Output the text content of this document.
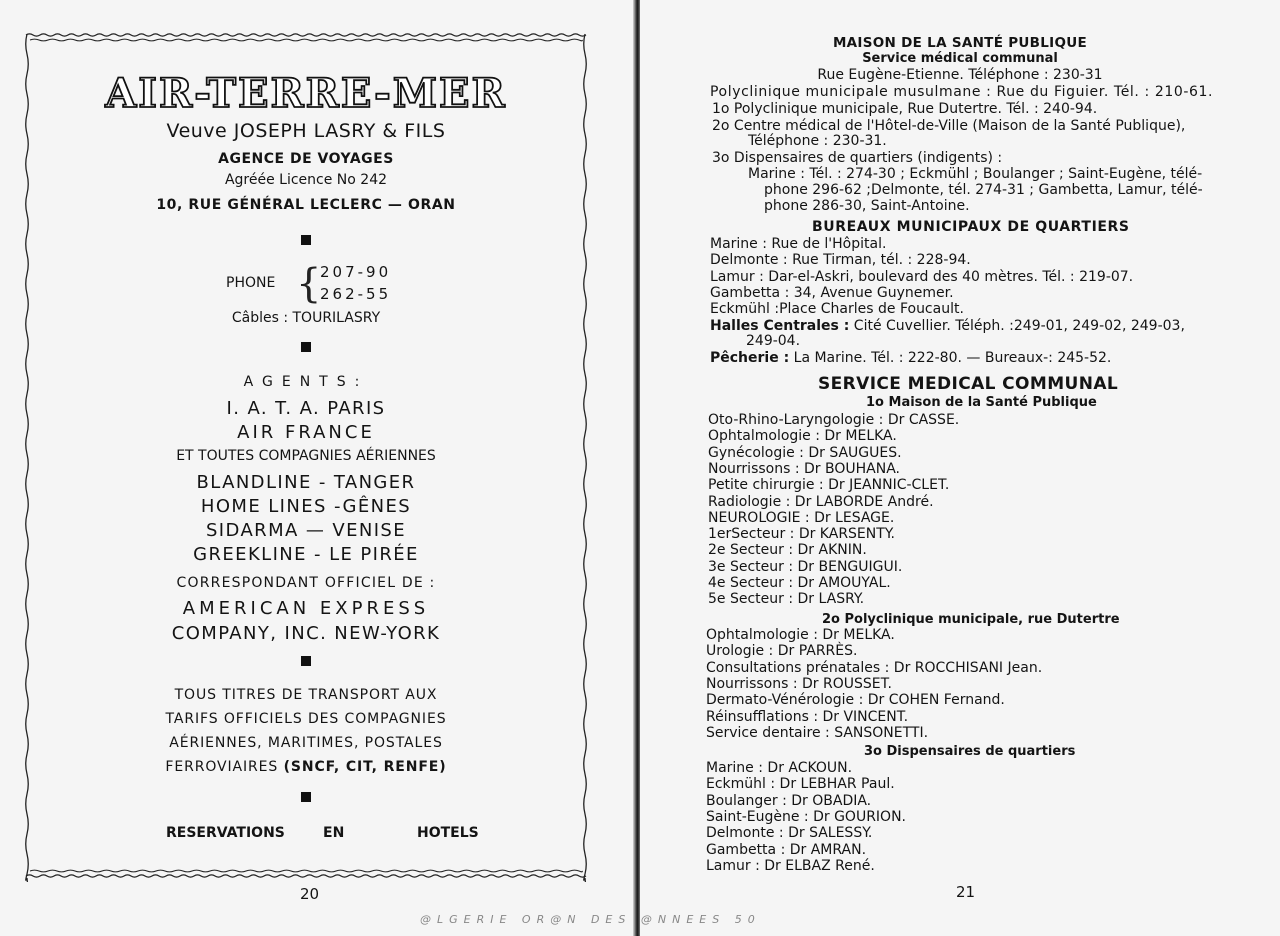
AIR-TERRE-MER
Veuve JOSEPH LASRY & FILS
AGENCE DE VOYAGES
Agréée Licence No 242
10, RUE GÉNÉRAL LECLERC — ORAN
PHONE {
207-90
262-55
Câbles : TOURILASRY
AGENTS:
I. A. T. A. PARIS
AIR FRANCE
ET TOUTES COMPAGNIES AÉRIENNES
BLANDLINE - TANGER
HOME LINES -GÊNES
SIDARMA — VENISE
GREEKLINE - LE PIRÉE
CORRESPONDANT OFFICIEL DE :
AMERICAN EXPRESS
COMPANY, INC. NEW-YORK
TOUS TITRES DE TRANSPORT AUX
TARIFS OFFICIELS DES COMPAGNIES
AÉRIENNES, MARITIMES, POSTALES
FERROVIAIRES (SNCF, CIT, RENFE)
RESERVATIONS	EN	HOTELS
20
MAISON DE LA SANTÉ PUBLIQUE
Service médical communal
Rue Eugène-Etienne. Téléphone : 230-31
Polyclinique municipale musulmane : Rue du Figuier. Tél. : 210-61.
1o Polyclinique municipale, Rue Dutertre. Tél. : 240-94.
2o Centre médical de l'Hôtel-de-Ville (Maison de la Santé Publique),
Téléphone : 230-31.
3o Dispensaires de quartiers (indigents) :
Marine : Tél. : 274-30 ; Eckmühl ; Boulanger ; Saint-Eugène, télé-
phone 296-62 ;Delmonte, tél. 274-31 ; Gambetta, Lamur, télé-
phone 286-30, Saint-Antoine.
BUREAUX MUNICIPAUX DE QUARTIERS
Marine : Rue de l'Hôpital.
Delmonte : Rue Tirman, tél. : 228-94.
Lamur : Dar-el-Askri, boulevard des 40 mètres. Tél. : 219-07.
Gambetta : 34, Avenue Guynemer.
Eckmühl :Place Charles de Foucault.
Halles Centrales : Cité Cuvellier. Téléph. :249-01, 249-02, 249-03,
249-04.
Pêcherie : La Marine. Tél. : 222-80. — Bureaux-: 245-52.
SERVICE MEDICAL COMMUNAL
1o Maison de la Santé Publique
Oto-Rhino-Laryngologie : Dr CASSE.
Ophtalmologie : Dr MELKA.
Gynécologie : Dr SAUGUES.
Nourrissons : Dr BOUHANA.
Petite chirurgie : Dr JEANNIC-CLET.
Radiologie : Dr LABORDE André.
NEUROLOGIE : Dr LESAGE.
1erSecteur : Dr KARSENTY.
2e Secteur : Dr AKNIN.
3e Secteur : Dr BENGUIGUI.
4e Secteur : Dr AMOUYAL.
5e Secteur : Dr LASRY.
2o Polyclinique municipale, rue Dutertre
Ophtalmologie : Dr MELKA.
Urologie : Dr PARRÈS.
Consultations prénatales : Dr ROCCHISANI Jean.
Nourrissons : Dr ROUSSET.
Dermato-Vénérologie : Dr COHEN Fernand.
Réinsufflations : Dr VINCENT.
Service dentaire : SANSONETTI.
3o Dispensaires de quartiers
Marine : Dr ACKOUN.
Eckmühl : Dr LEBHAR Paul.
Boulanger : Dr OBADIA.
Saint-Eugène : Dr GOURION.
Delmonte : Dr SALESSY.
Gambetta : Dr AMRAN.
Lamur : Dr ELBAZ René.
21
@LGERIE OR@N DES @NNEES 50
